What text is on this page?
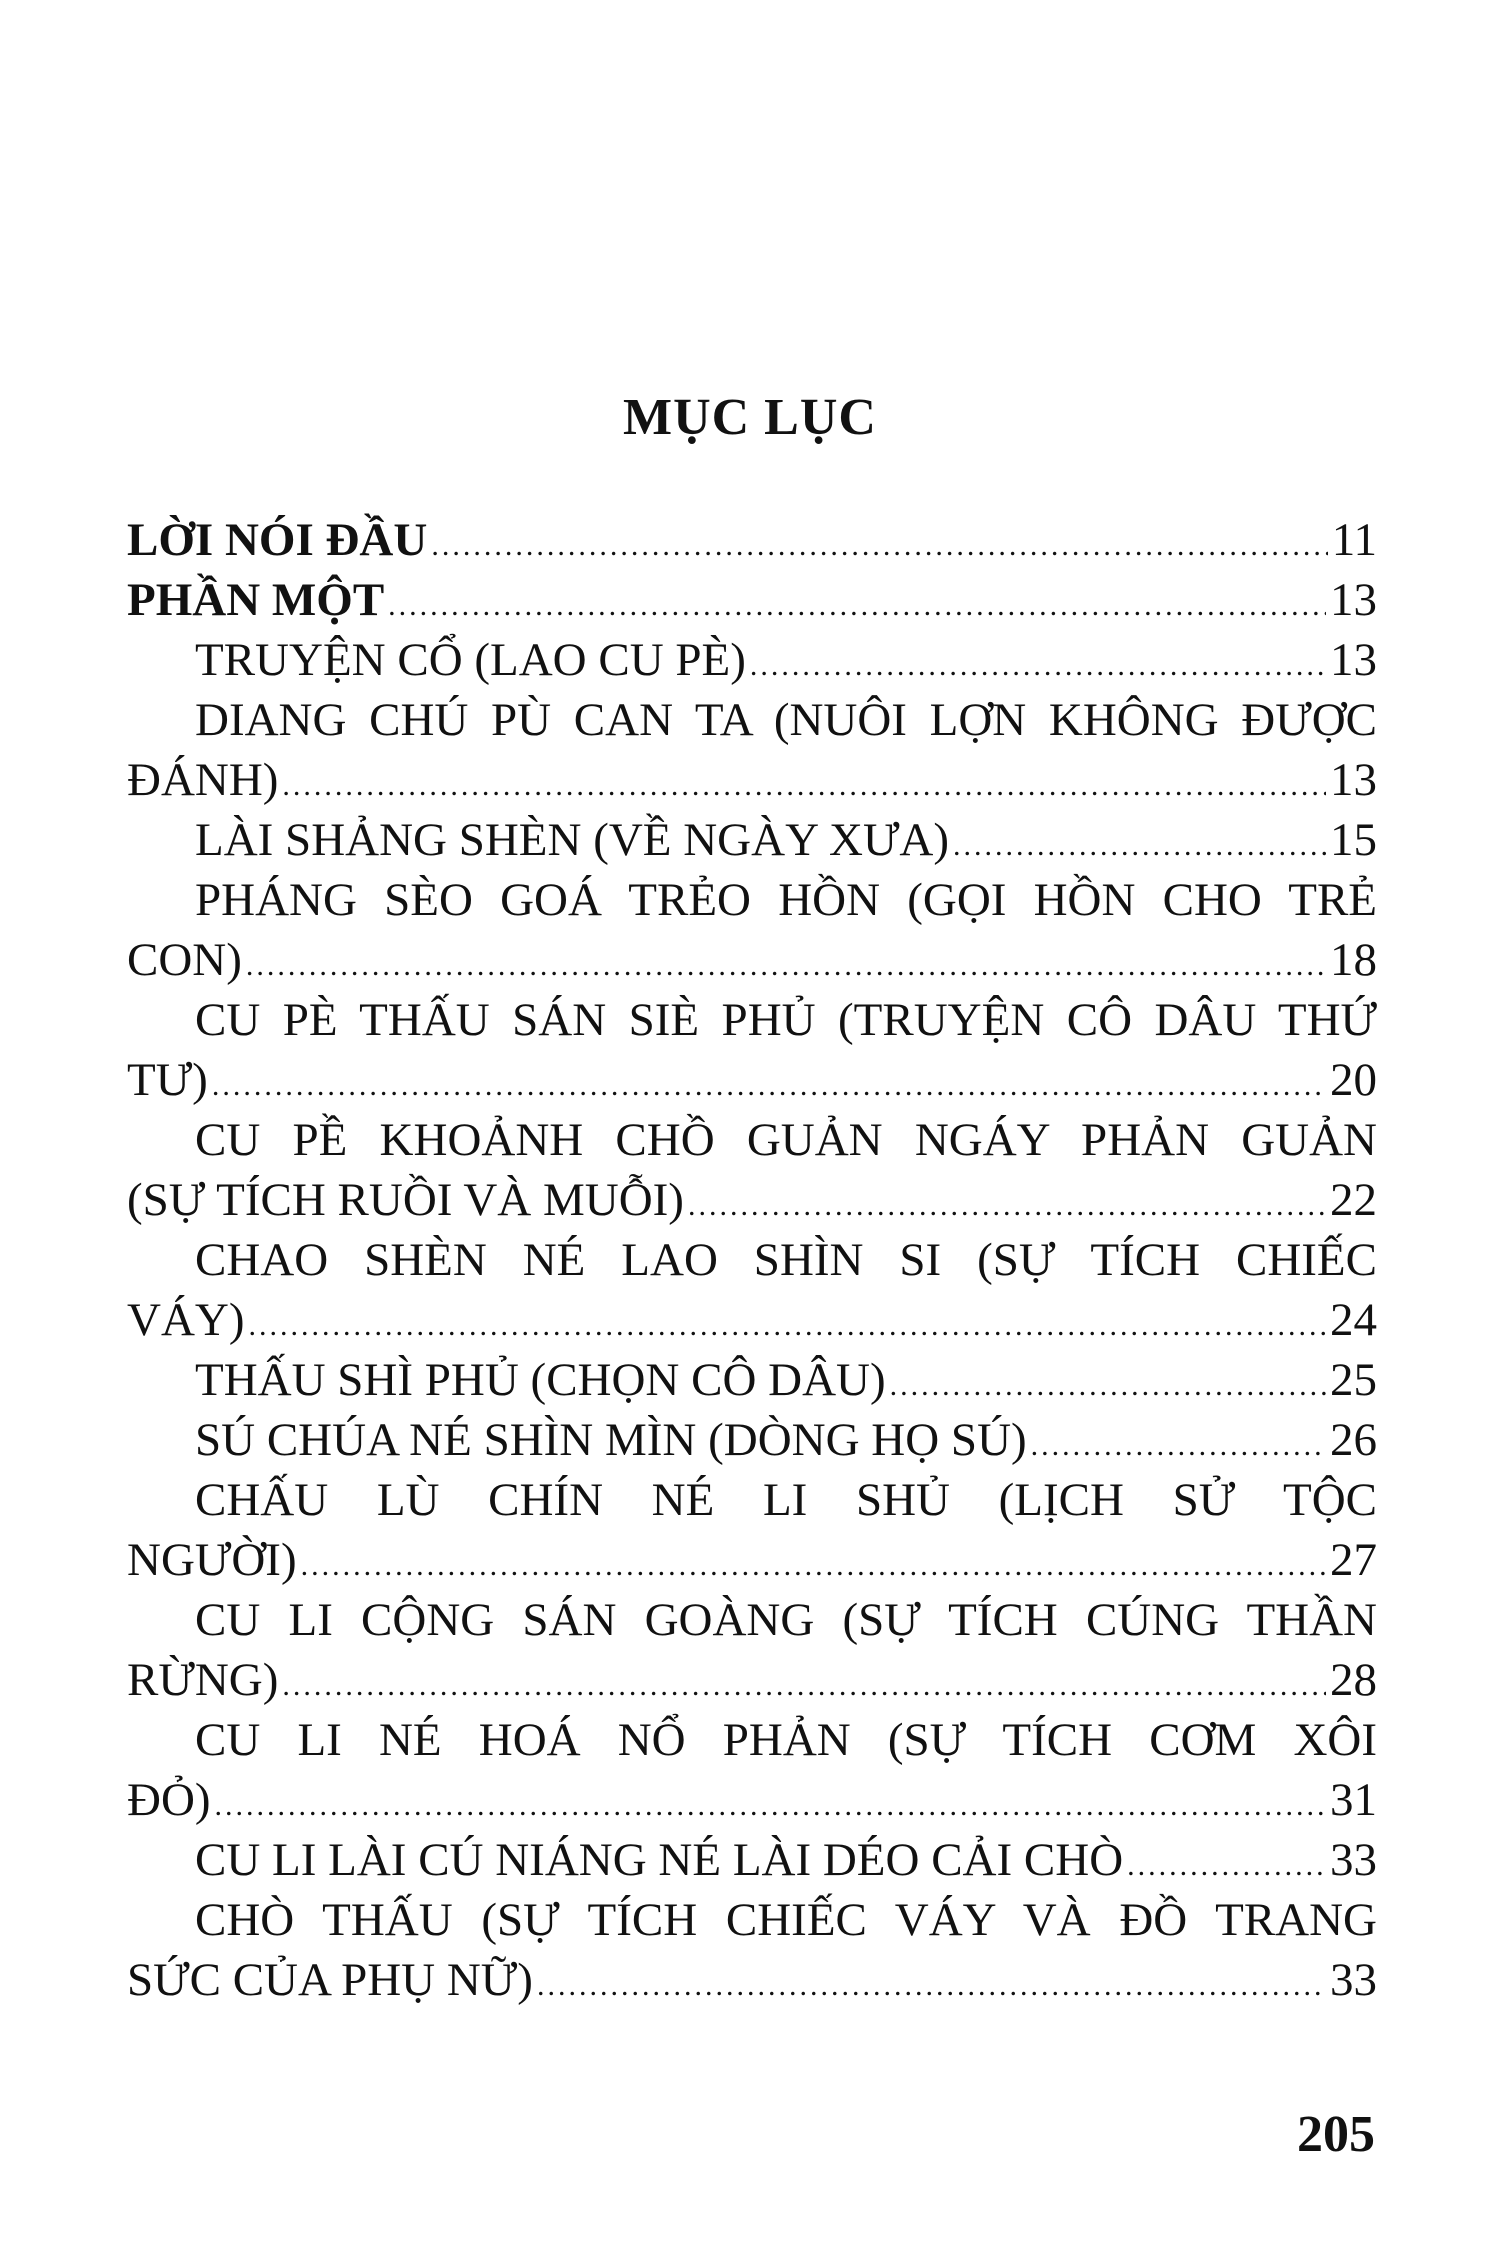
MỤC LỤC
LỜI NÓI ĐẦU .....	11
PHẦN MỘT .....	13
TRUYỆN CỔ (LAO CU PÈ) .....	13
DIANG CHÚ PÙ CAN TA (NUÔI LỢN KHÔNG ĐƯỢC
ĐÁNH) .....	13
LÀI SHẢNG SHÈN (VỀ NGÀY XƯA) .....	15
PHÁNG SÈO GOÁ TRẺO HỒN (GỌI HỒN CHO TRẺ
CON) .....	18
CU PÈ THẤU SÁN SIÈ PHỦ (TRUYỆN CÔ DÂU THỨ
TƯ) .....	20
CU PỀ KHOẢNH CHỒ GUẢN NGÁY PHẢN GUẢN
(SỰ TÍCH RUỒI VÀ MUỖI) .....	22
CHAO SHÈN NÉ LAO SHÌN SI (SỰ TÍCH CHIẾC
VÁY) .....	24
THẤU SHÌ PHỦ (CHỌN CÔ DÂU) .....	25
SÚ CHÚA NÉ SHÌN MÌN (DÒNG HỌ SÚ) .....	26
CHẤU LÙ CHÍN NÉ LI SHỦ (LỊCH SỬ TỘC
NGƯỜI) .....	27
CU LI CỘNG SÁN GOÀNG (SỰ TÍCH CÚNG THẦN
RỪNG) .....	28
CU LI NÉ HOÁ NỔ PHẢN (SỰ TÍCH CƠM XÔI
ĐỎ) .....	31
CU LI LÀI CÚ NIÁNG NÉ LÀI DÉO CẢI CHÒ .....	33
CHÒ THẤU (SỰ TÍCH CHIẾC VÁY VÀ ĐỒ TRANG
SỨC CỦA PHỤ NỮ) .....	33
205
